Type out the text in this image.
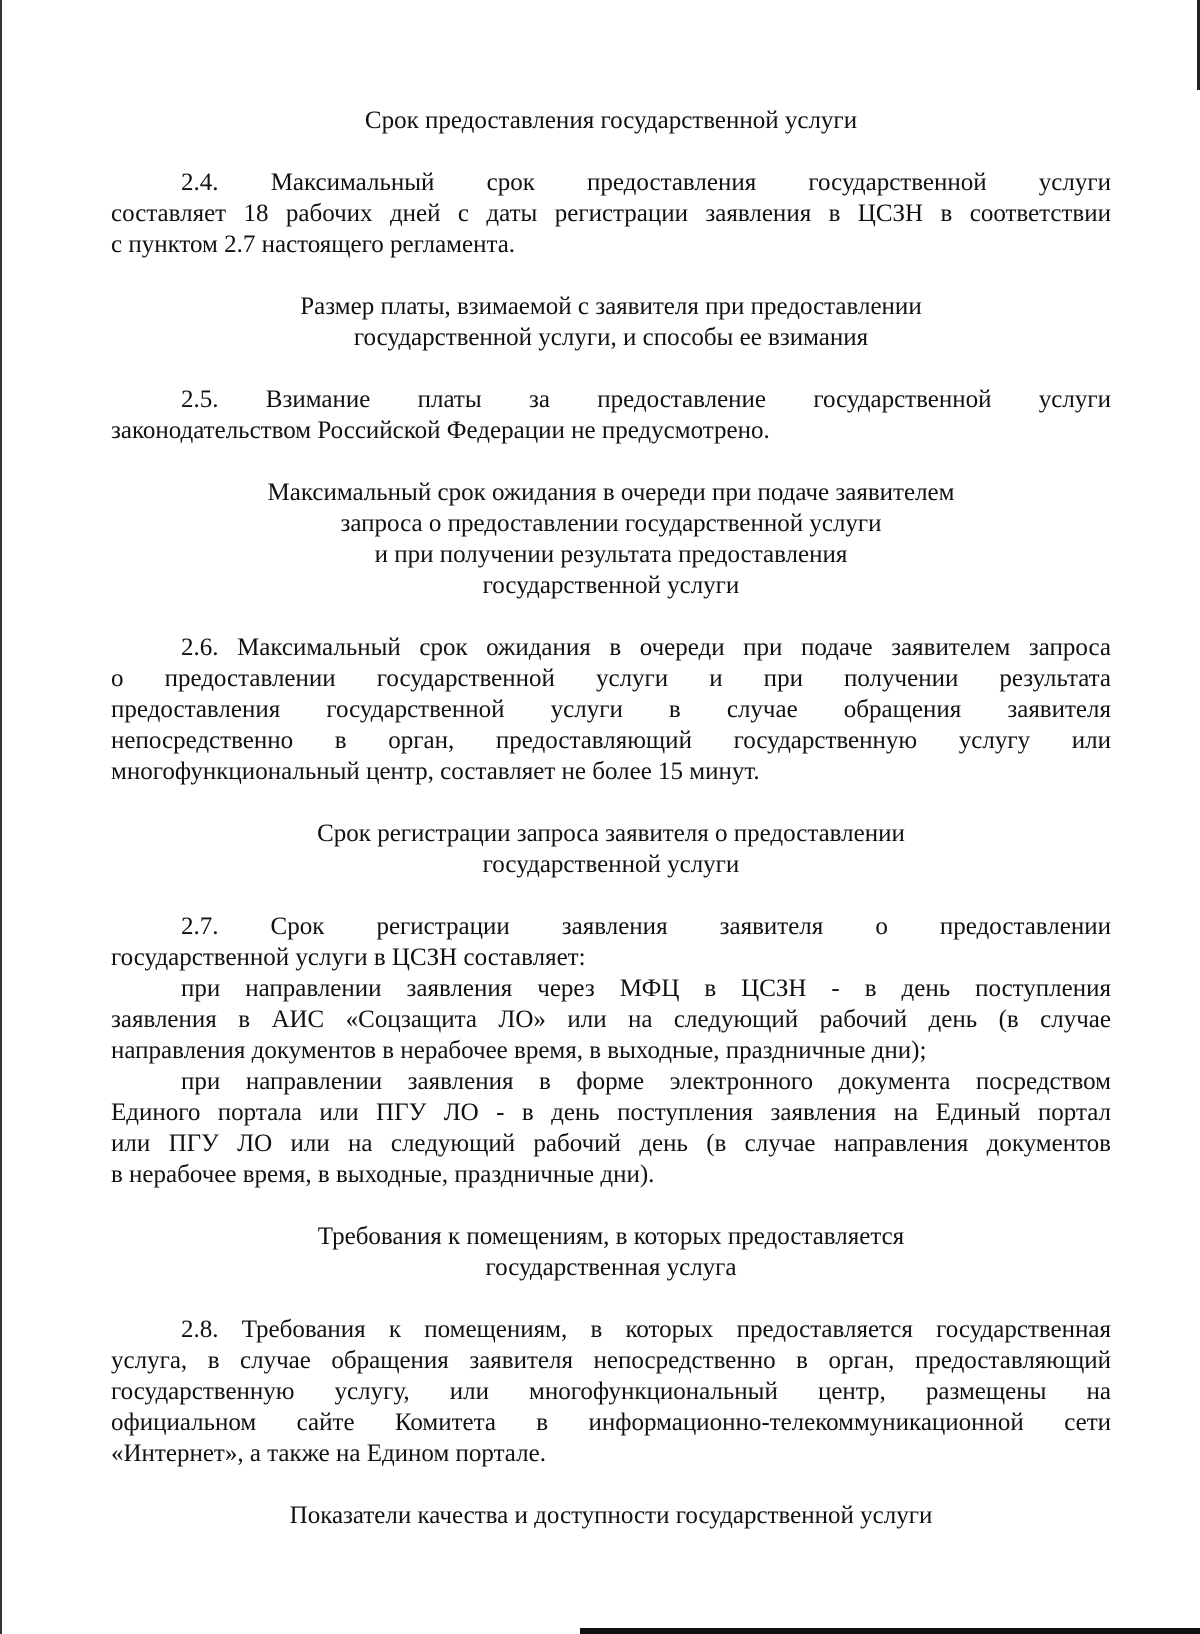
Срок предоставления государственной услуги
2.4. Максимальный срок предоставления государственной услуги
составляет 18 рабочих дней с даты регистрации заявления в ЦСЗН в соответствии
с пунктом 2.7 настоящего регламента.
Размер платы, взимаемой с заявителя при предоставлении
государственной услуги, и способы ее взимания
2.5. Взимание платы за предоставление государственной услуги
законодательством Российской Федерации не предусмотрено.
Максимальный срок ожидания в очереди при подаче заявителем
запроса о предоставлении государственной услуги
и при получении результата предоставления
государственной услуги
2.6. Максимальный срок ожидания в очереди при подаче заявителем запроса
о предоставлении государственной услуги и при получении результата
предоставления государственной услуги в случае обращения заявителя
непосредственно в орган, предоставляющий государственную услугу или
многофункциональный центр, составляет не более 15 минут.
Срок регистрации запроса заявителя о предоставлении
государственной услуги
2.7. Срок регистрации заявления заявителя о предоставлении
государственной услуги в ЦСЗН составляет:
при направлении заявления через МФЦ в ЦСЗН - в день поступления
заявления в АИС «Соцзащита ЛО» или на следующий рабочий день (в случае
направления документов в нерабочее время, в выходные, праздничные дни);
при направлении заявления в форме электронного документа посредством
Единого портала или ПГУ ЛО - в день поступления заявления на Единый портал
или ПГУ ЛО или на следующий рабочий день (в случае направления документов
в нерабочее время, в выходные, праздничные дни).
Требования к помещениям, в которых предоставляется
государственная услуга
2.8. Требования к помещениям, в которых предоставляется государственная
услуга, в случае обращения заявителя непосредственно в орган, предоставляющий
государственную услугу, или многофункциональный центр, размещены на
официальном сайте Комитета в информационно-телекоммуникационной сети
«Интернет», а также на Едином портале.
Показатели качества и доступности государственной услуги
